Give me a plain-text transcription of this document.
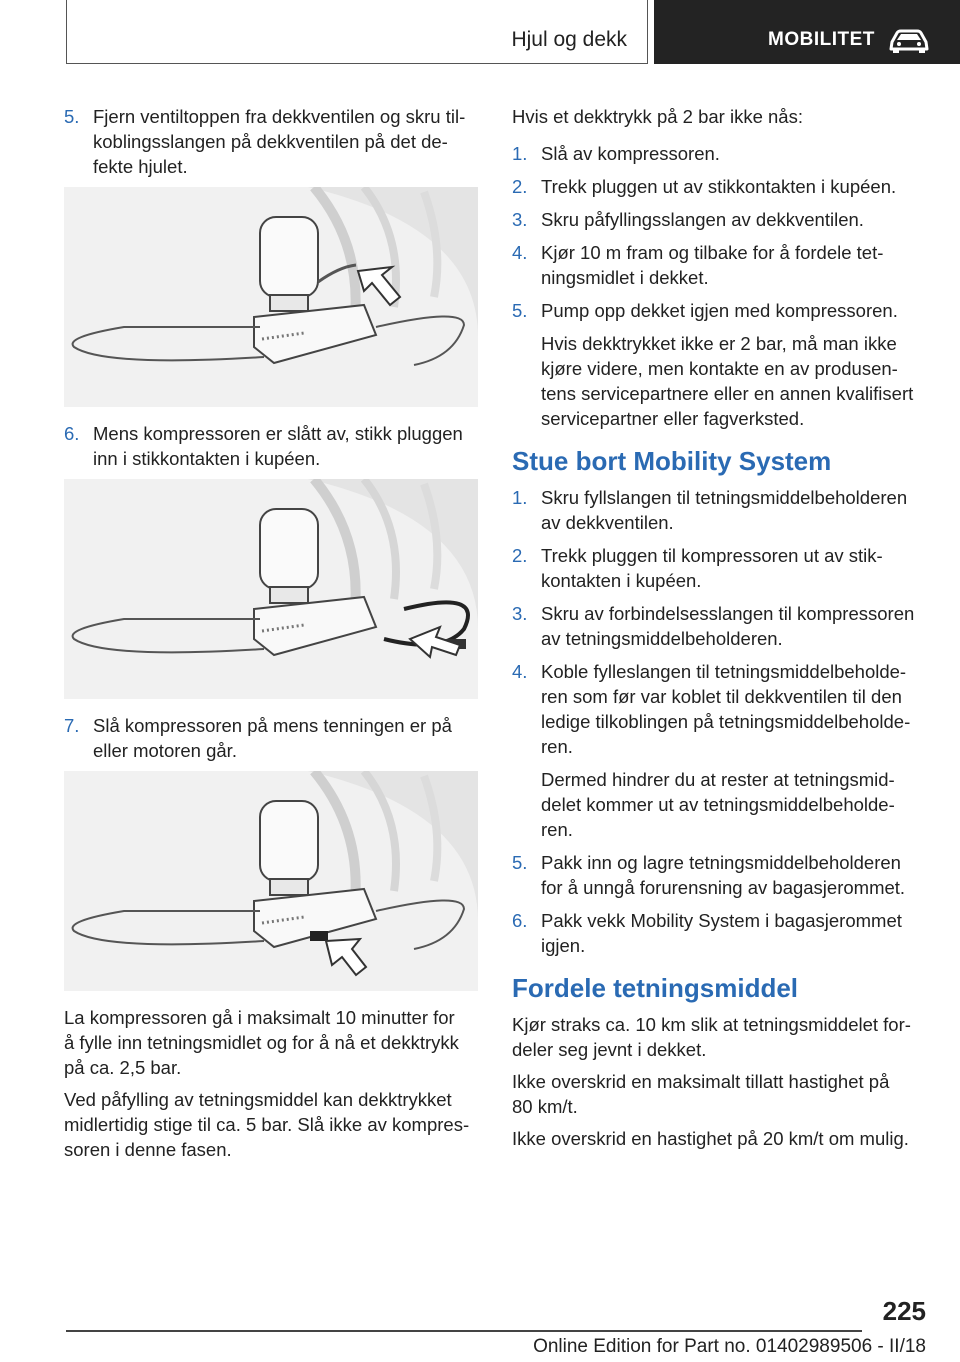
Hjul og dekk	MOBILITET
5. Fjern ventiltoppen fra dekkventilen og skru til-
koblingsslangen på dekkventilen på det de-
fekte hjulet.
6. Mens kompressoren er slått av, stikk pluggen
inn i stikkontakten i kupéen.
7. Slå kompressoren på mens tenningen er på
eller motoren går.
La kompressoren gå i maksimalt 10 minutter for
å fylle inn tetningsmidlet og for å nå et dekktrykk
på ca. 2,5 bar.
Ved påfylling av tetningsmiddel kan dekktrykket
midlertidig stige til ca. 5 bar. Slå ikke av kompres-
soren i denne fasen.
Hvis et dekktrykk på 2 bar ikke nås:
1. Slå av kompressoren.
2. Trekk pluggen ut av stikkontakten i kupéen.
3. Skru påfyllingsslangen av dekkventilen.
4. Kjør 10 m fram og tilbake for å fordele tet-
ningsmidlet i dekket.
5. Pump opp dekket igjen med kompressoren.
Hvis dekktrykket ikke er 2 bar, må man ikke
kjøre videre, men kontakte en av produsen-
tens servicepartnere eller en annen kvalifisert
servicepartner eller fagverksted.
Stue bort Mobility System
1. Skru fyllslangen til tetningsmiddelbeholderen
av dekkventilen.
2. Trekk pluggen til kompressoren ut av stik-
kontakten i kupéen.
3. Skru av forbindelsesslangen til kompressoren
av tetningsmiddelbeholderen.
4. Koble fylleslangen til tetningsmiddelbeholde-
ren som før var koblet til dekkventilen til den
ledige tilkoblingen på tetningsmiddelbeholde-
ren.
Dermed hindrer du at rester at tetningsmid-
delet kommer ut av tetningsmiddelbeholde-
ren.
5. Pakk inn og lagre tetningsmiddelbeholderen
for å unngå forurensning av bagasjerommet.
6. Pakk vekk Mobility System i bagasjerommet
igjen.
Fordele tetningsmiddel
Kjør straks ca. 10 km slik at tetningsmiddelet for-
deler seg jevnt i dekket.
Ikke overskrid en maksimalt tillatt hastighet på
80 km/t.
Ikke overskrid en hastighet på 20 km/t om mulig.
225
Online Edition for Part no. 01402989506 - II/18
